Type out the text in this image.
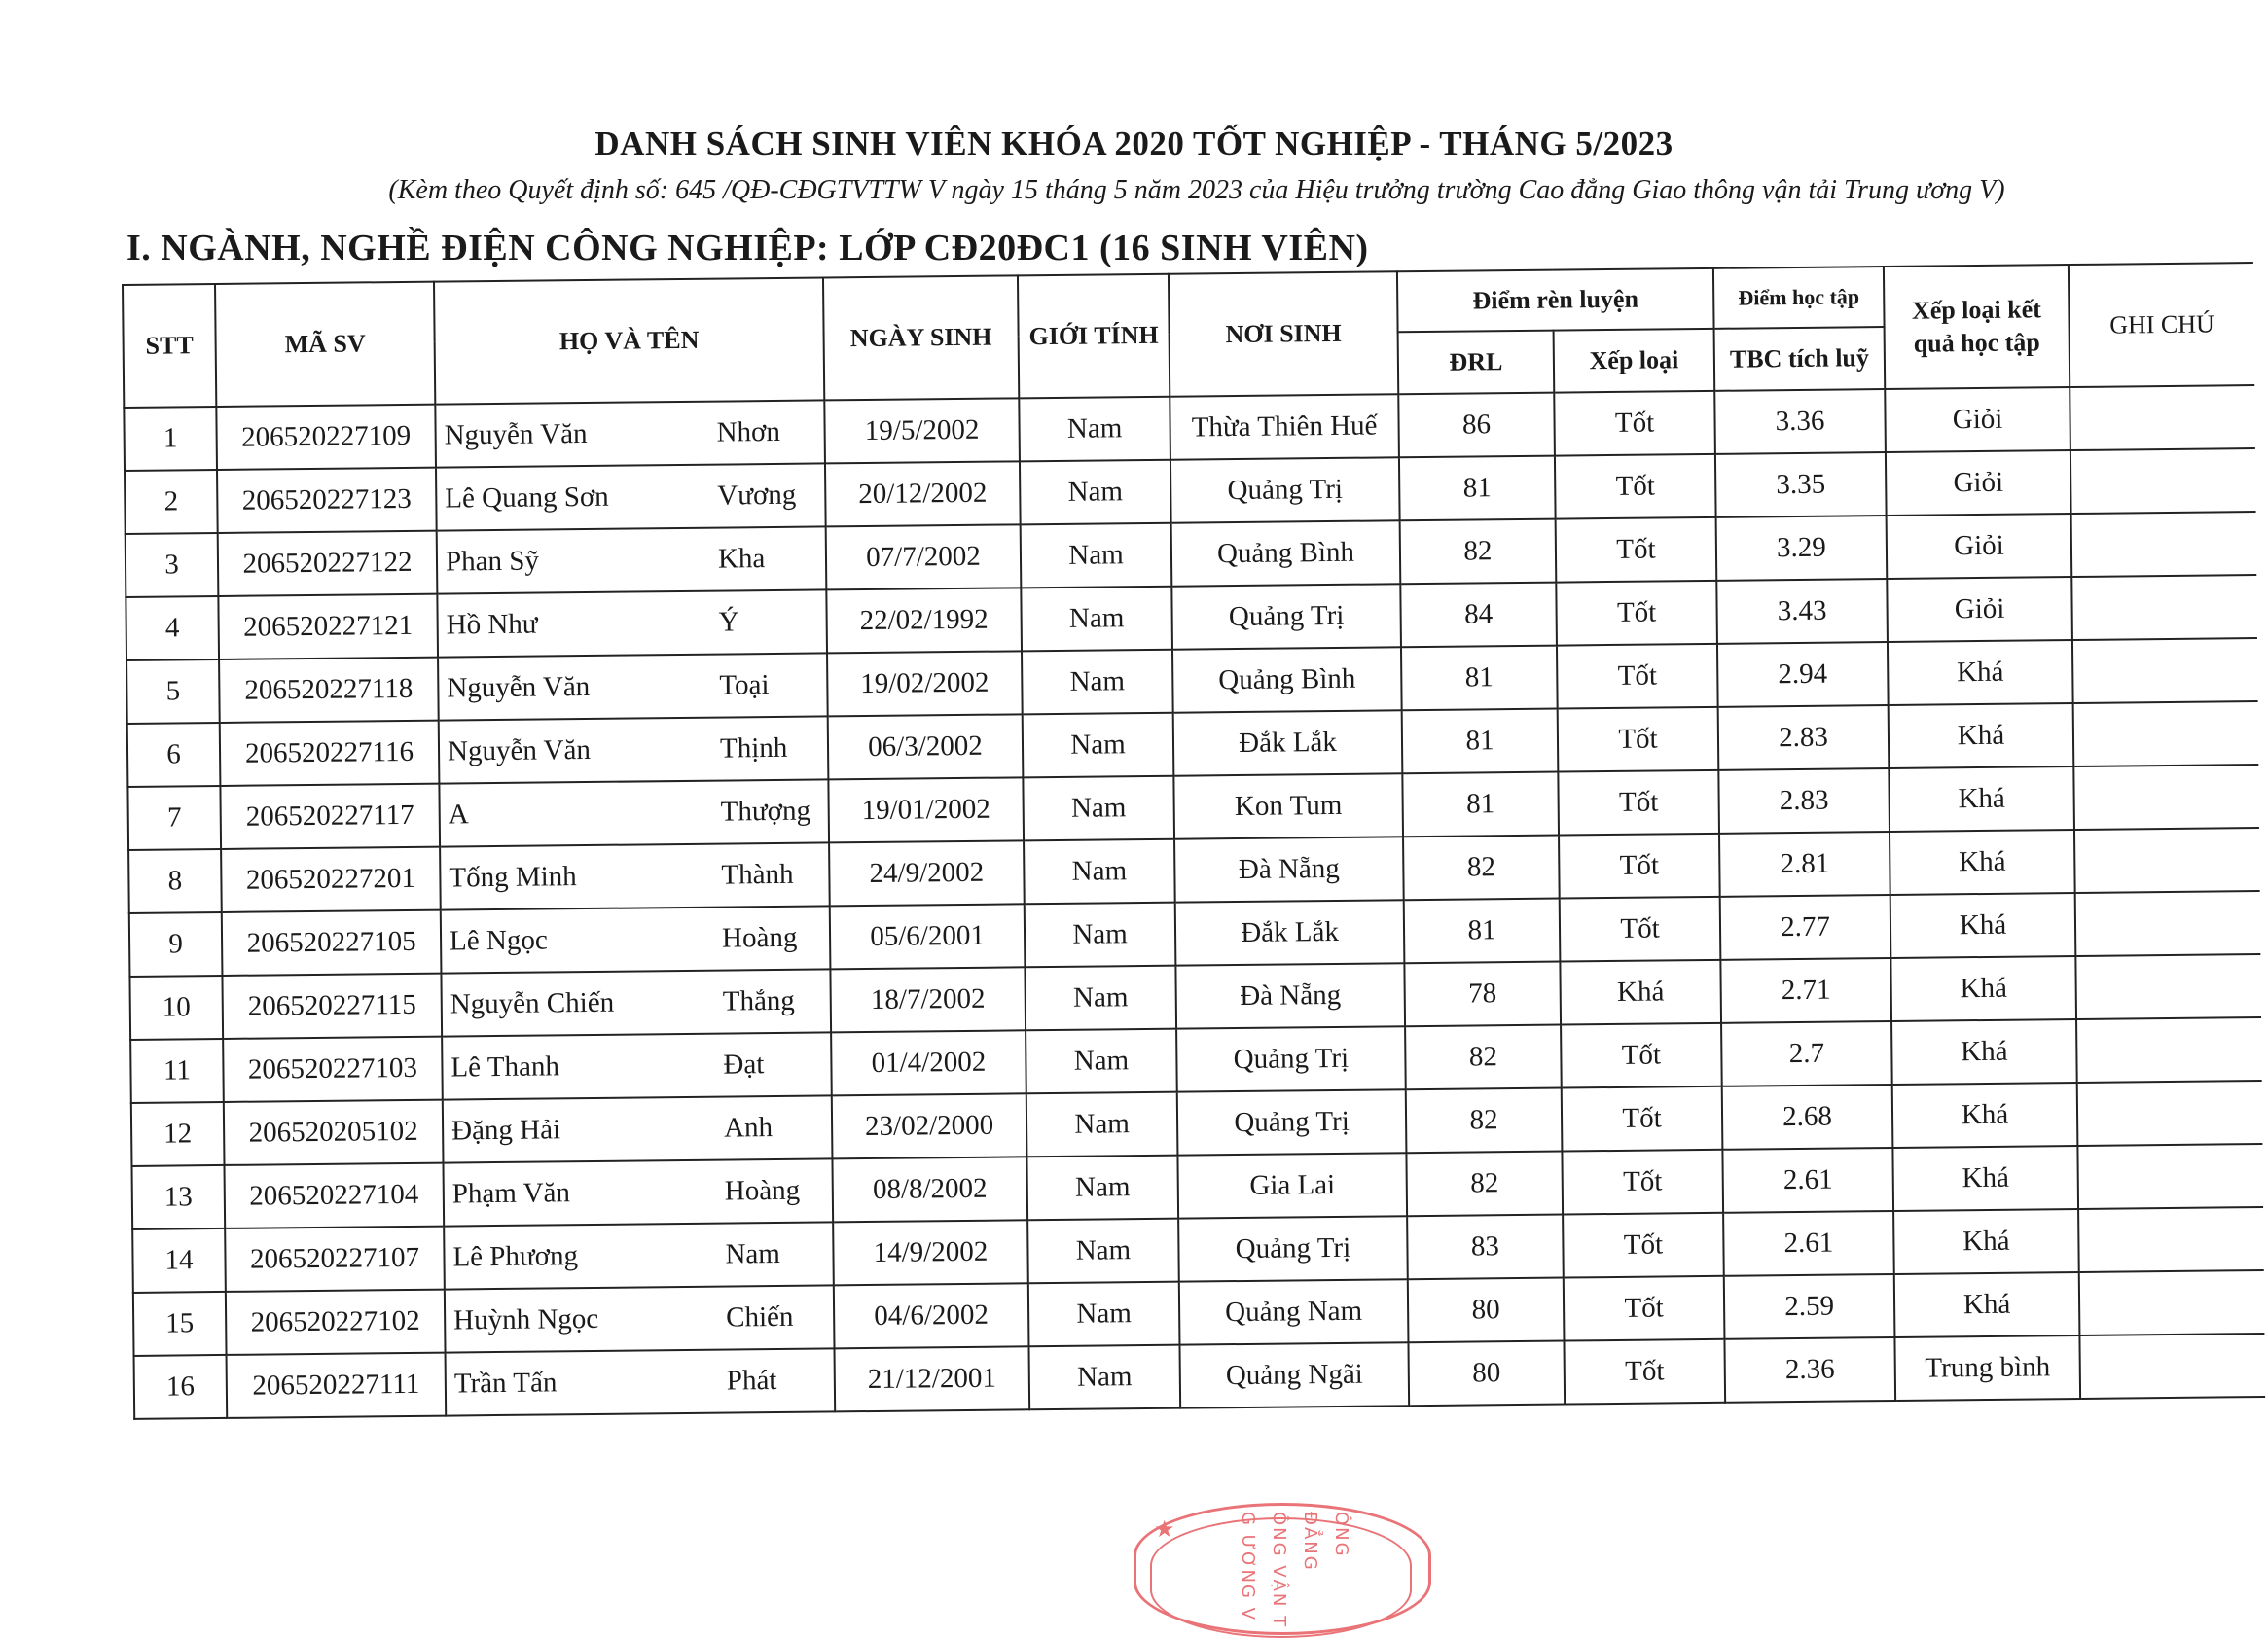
DANH SÁCH SINH VIÊN KHÓA 2020 TỐT NGHIỆP - THÁNG 5/2023
(Kèm theo Quyết định số: 645 /QĐ-CĐGTVTTW V ngày 15 tháng 5 năm 2023 của Hiệu trưởng trường Cao đẳng Giao thông vận tải Trung ương V)
I. NGÀNH, NGHỀ ĐIỆN CÔNG NGHIỆP: LỚP CĐ20ĐC1 (16 SINH VIÊN)
STT	MÃ SV	HỌ VÀ TÊN	NGÀY SINH	GIỚI TÍNH	NƠI SINH	Điểm rèn luyện		Điểm học tập	Xếp loại kết quả học tập	GHI CHÚ
						ĐRL	Xếp loại	TBC tích luỹ		
1	206520227109	Nguyễn Văn Nhơn	19/5/2002	Nam	Thừa Thiên Huế	86	Tốt	3.36	Giỏi	
2	206520227123	Lê Quang Sơn Vương	20/12/2002	Nam	Quảng Trị	81	Tốt	3.35	Giỏi	
3	206520227122	Phan Sỹ Kha	07/7/2002	Nam	Quảng Bình	82	Tốt	3.29	Giỏi	
4	206520227121	Hồ Như Ý	22/02/1992	Nam	Quảng Trị	84	Tốt	3.43	Giỏi	
5	206520227118	Nguyễn Văn Toại	19/02/2002	Nam	Quảng Bình	81	Tốt	2.94	Khá	
6	206520227116	Nguyễn Văn Thịnh	06/3/2002	Nam	Đắk Lắk	81	Tốt	2.83	Khá	
7	206520227117	A Thượng	19/01/2002	Nam	Kon Tum	81	Tốt	2.83	Khá	
8	206520227201	Tống Minh Thành	24/9/2002	Nam	Đà Nẵng	82	Tốt	2.81	Khá	
9	206520227105	Lê Ngọc Hoàng	05/6/2001	Nam	Đắk Lắk	81	Tốt	2.77	Khá	
10	206520227115	Nguyễn Chiến Thắng	18/7/2002	Nam	Đà Nẵng	78	Khá	2.71	Khá	
11	206520227103	Lê Thanh Đạt	01/4/2002	Nam	Quảng Trị	82	Tốt	2.7	Khá	
12	206520205102	Đặng Hải Anh	23/02/2000	Nam	Quảng Trị	82	Tốt	2.68	Khá	
13	206520227104	Phạm Văn Hoàng	08/8/2002	Nam	Gia Lai	82	Tốt	2.61	Khá	
14	206520227107	Lê Phương Nam	14/9/2002	Nam	Quảng Trị	83	Tốt	2.61	Khá	
15	206520227102	Huỳnh Ngọc Chiến	04/6/2002	Nam	Quảng Nam	80	Tốt	2.59	Khá	
16	206520227111	Trần Tấn Phát	21/12/2001	Nam	Quảng Ngãi	80	Tốt	2.36	Trung bình	
★	ÔNG
ĐẲNG
ÔNG VẬN T
G ƯƠNG V
